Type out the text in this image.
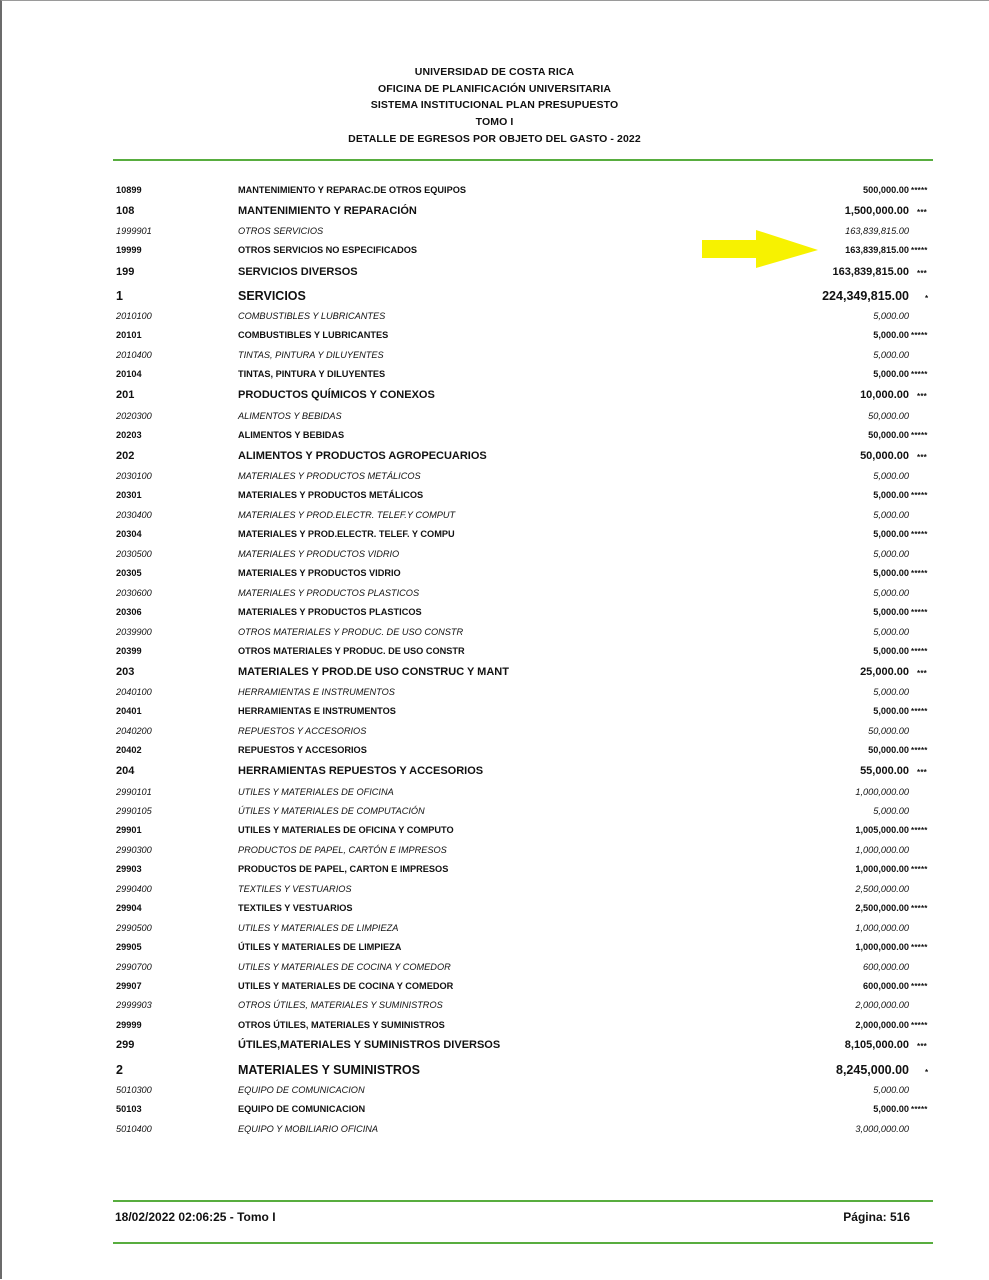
UNIVERSIDAD DE COSTA RICA
OFICINA DE PLANIFICACIÓN UNIVERSITARIA
SISTEMA INSTITUCIONAL PLAN PRESUPUESTO
TOMO I
DETALLE DE EGRESOS POR OBJETO DEL GASTO - 2022
10899	MANTENIMIENTO Y REPARAC.DE OTROS EQUIPOS	500,000.00 *****
108	MANTENIMIENTO Y REPARACIÓN	1,500,000.00 ***
1999901	OTROS SERVICIOS	163,839,815.00
19999	OTROS SERVICIOS NO ESPECIFICADOS	163,839,815.00 *****
199	SERVICIOS DIVERSOS	163,839,815.00 ***
1	SERVICIOS	224,349,815.00 *
2010100	COMBUSTIBLES Y LUBRICANTES	5,000.00
20101	COMBUSTIBLES Y LUBRICANTES	5,000.00 *****
2010400	TINTAS, PINTURA Y DILUYENTES	5,000.00
20104	TINTAS, PINTURA Y DILUYENTES	5,000.00 *****
201	PRODUCTOS QUÍMICOS Y CONEXOS	10,000.00 ***
2020300	ALIMENTOS Y BEBIDAS	50,000.00
20203	ALIMENTOS Y BEBIDAS	50,000.00 *****
202	ALIMENTOS Y PRODUCTOS AGROPECUARIOS	50,000.00 ***
2030100	MATERIALES Y PRODUCTOS METÁLICOS	5,000.00
20301	MATERIALES Y PRODUCTOS METÁLICOS	5,000.00 *****
2030400	MATERIALES Y PROD.ELECTR. TELEF.Y COMPUT	5,000.00
20304	MATERIALES Y PROD.ELECTR. TELEF. Y COMPU	5,000.00 *****
2030500	MATERIALES Y PRODUCTOS VIDRIO	5,000.00
20305	MATERIALES Y PRODUCTOS VIDRIO	5,000.00 *****
2030600	MATERIALES Y PRODUCTOS PLASTICOS	5,000.00
20306	MATERIALES Y PRODUCTOS PLASTICOS	5,000.00 *****
2039900	OTROS MATERIALES Y PRODUC. DE USO CONSTR	5,000.00
20399	OTROS MATERIALES Y PRODUC. DE USO CONSTR	5,000.00 *****
203	MATERIALES Y PROD.DE USO CONSTRUC Y MANT	25,000.00 ***
2040100	HERRAMIENTAS E INSTRUMENTOS	5,000.00
20401	HERRAMIENTAS E INSTRUMENTOS	5,000.00 *****
2040200	REPUESTOS Y ACCESORIOS	50,000.00
20402	REPUESTOS Y ACCESORIOS	50,000.00 *****
204	HERRAMIENTAS REPUESTOS Y ACCESORIOS	55,000.00 ***
2990101	UTILES Y MATERIALES DE OFICINA	1,000,000.00
2990105	ÚTILES Y MATERIALES DE COMPUTACIÓN	5,000.00
29901	UTILES Y MATERIALES DE OFICINA Y COMPUTO	1,005,000.00 *****
2990300	PRODUCTOS DE PAPEL, CARTÓN E IMPRESOS	1,000,000.00
29903	PRODUCTOS DE PAPEL, CARTON E IMPRESOS	1,000,000.00 *****
2990400	TEXTILES Y VESTUARIOS	2,500,000.00
29904	TEXTILES Y VESTUARIOS	2,500,000.00 *****
2990500	UTILES Y MATERIALES DE LIMPIEZA	1,000,000.00
29905	ÚTILES Y MATERIALES DE LIMPIEZA	1,000,000.00 *****
2990700	UTILES Y MATERIALES DE COCINA Y COMEDOR	600,000.00
29907	UTILES Y MATERIALES DE COCINA Y COMEDOR	600,000.00 *****
2999903	OTROS ÚTILES, MATERIALES Y SUMINISTROS	2,000,000.00
29999	OTROS ÚTILES, MATERIALES Y SUMINISTROS	2,000,000.00 *****
299	ÚTILES,MATERIALES Y SUMINISTROS DIVERSOS	8,105,000.00 ***
2	MATERIALES Y SUMINISTROS	8,245,000.00 *
5010300	EQUIPO DE COMUNICACION	5,000.00
50103	EQUIPO DE COMUNICACION	5,000.00 *****
5010400	EQUIPO Y MOBILIARIO OFICINA	3,000,000.00
18/02/2022 02:06:25 - Tomo I	Página: 516
